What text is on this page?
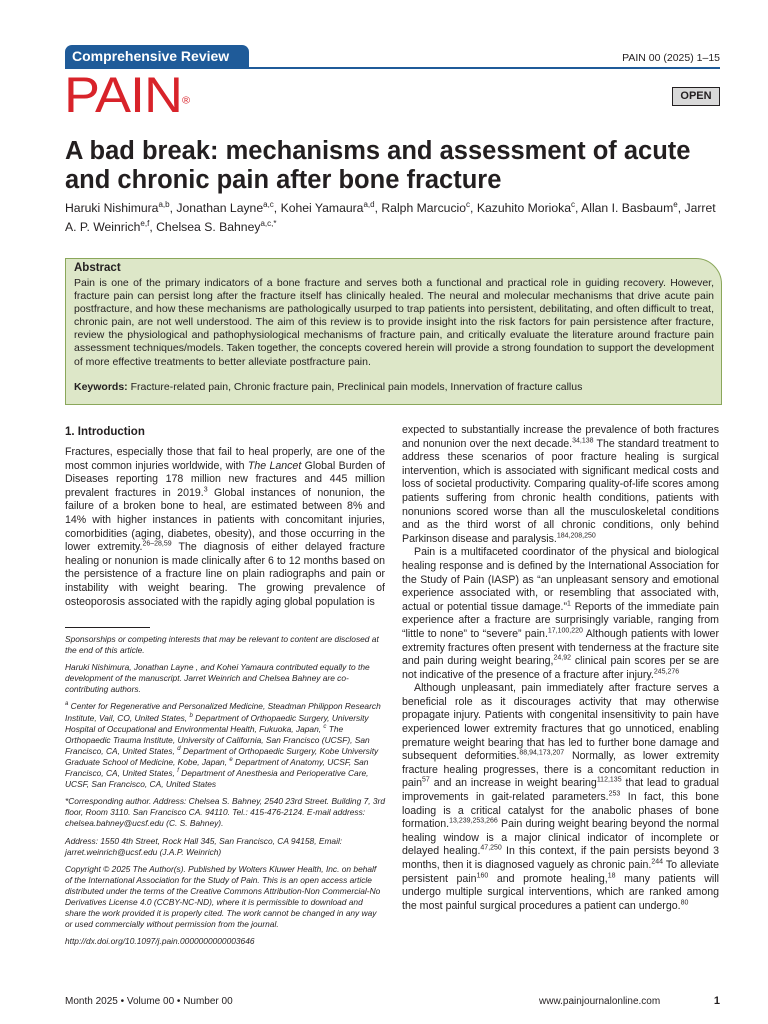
Comprehensive Review	PAIN 00 (2025) 1–15
PAIN®	OPEN
A bad break: mechanisms and assessment of acute and chronic pain after bone fracture
Haruki Nishimura$^{a,b}$, Jonathan Layne$^{a,c}$, Kohei Yamaura$^{a,d}$, Ralph Marcucio$^c$, Kazuhito Morioka$^c$, Allan I. Basbaum$^e$, Jarret A. P. Weinrich$^{e,f}$, Chelsea S. Bahney$^{a,c,*}$
Abstract
Pain is one of the primary indicators of a bone fracture and serves both a functional and practical role in guiding recovery. However, fracture pain can persist long after the fracture itself has clinically healed. The neural and molecular mechanisms that drive acute pain postfracture, and how these mechanisms are pathologically usurped to trap patients into persistent, debilitating, and often difficult to treat, chronic pain, are not well understood. The aim of this review is to provide insight into the risk factors for pain persistence after fracture, review the physiological and pathophysiological mechanisms of fracture pain, and critically evaluate the literature around fracture pain assessment techniques/models. Taken together, the concepts covered herein will provide a strong foundation to support the development of more effective treatments to better alleviate postfracture pain.
Keywords: Fracture-related pain, Chronic fracture pain, Preclinical pain models, Innervation of fracture callus
1. Introduction

Fractures, especially those that fail to heal properly, are one of the most common injuries worldwide, with The Lancet Global Burden of Diseases reporting 178 million new fractures and 445 million prevalent fractures in 2019.$^3$ Global instances of nonunion, the failure of a broken bone to heal, are estimated between 8% and 14% with higher instances in patients with concomitant injuries, comorbidities (aging, diabetes, obesity), and those occurring in the lower extremity.$^{26-28,59}$ The diagnosis of either delayed fracture healing or nonunion is made clinically after 6 to 12 months based on the persistence of a fracture line on plain radiographs and pain or instability with weight bearing. The growing prevalence of osteoporosis associated with the rapidly aging global population is

Sponsorships or competing interests that may be relevant to content are disclosed at the end of this article.

Haruki Nishimura, Jonathan Layne , and Kohei Yamaura contributed equally to the development of the manuscript. Jarret Weinrich and Chelsea Bahney are co-contributing authors.

$^a$ Center for Regenerative and Personalized Medicine, Steadman Philippon Research Institute, Vail, CO, United States, $^b$ Department of Orthopaedic Surgery, University Hospital of Occupational and Environmental Health, Fukuoka, Japan, $^c$ The Orthopaedic Trauma Institute, University of California, San Francisco (UCSF), San Francisco, CA, United States, $^d$ Department of Orthopaedic Surgery, Kobe University Graduate School of Medicine, Kobe, Japan, $^e$ Department of Anatomy, UCSF, San Francisco, CA, United States, $^f$ Department of Anesthesia and Perioperative Care, UCSF, San Francisco, CA, United States

*Corresponding author. Address: Chelsea S. Bahney, 2540 23rd Street. Building 7, 3rd floor, Room 3110. San Francisco CA. 94110. Tel.: 415-476-2124. E-mail address: chelsea.bahney@ucsf.edu (C. S. Bahney).

Address: 1550 4th Street, Rock Hall 345, San Francisco, CA 94158, Email: jarret.weinrich@ucsf.edu (J.A.P. Weinrich)

Copyright © 2025 The Author(s). Published by Wolters Kluwer Health, Inc. on behalf of the International Association for the Study of Pain. This is an open access article distributed under the terms of the Creative Commons Attribution-Non Commercial-No Derivatives License 4.0 (CCBY-NC-ND), where it is permissible to download and share the work provided it is properly cited. The work cannot be changed in any way or used commercially without permission from the journal.

http://dx.doi.org/10.1097/j.pain.0000000000003646

expected to substantially increase the prevalence of both fractures and nonunion over the next decade.$^{34,138}$ The standard treatment to address these scenarios of poor fracture healing is surgical intervention, which is associated with significant medical costs and loss of societal productivity. Comparing quality-of-life scores among patients suffering from chronic health conditions, patients with nonunions scored worse than all the musculoskeletal conditions and as the third worst of all chronic conditions, only behind Parkinson disease and paralysis.$^{184,208,250}$

Pain is a multifaceted coordinator of the physical and biological healing response and is defined by the International Association for the Study of Pain (IASP) as “an unpleasant sensory and emotional experience associated with, or resembling that associated with, actual or potential tissue damage.”$^1$ Reports of the immediate pain experience after a fracture are surprisingly variable, ranging from “little to none” to “severe” pain.$^{17,100,220}$ Although patients with lower extremity fractures often present with tenderness at the fracture site and pain during weight bearing,$^{24,92}$ clinical pain scores per se are not indicative of the presence of a fracture after injury.$^{245,276}$

Although unpleasant, pain immediately after fracture serves a beneficial role as it discourages activity that may otherwise propagate injury. Patients with congenital insensitivity to pain have experienced lower extremity fractures that go unnoticed, enabling premature weight bearing that has led to further bone damage and subsequent deformities.$^{88,94,173,207}$ Normally, as lower extremity fracture healing progresses, there is a concomitant reduction in pain$^{57}$ and an increase in weight bearing$^{112,135}$ that lead to gradual improvements in gait-related parameters.$^{253}$ In fact, this bone loading is a critical catalyst for the anabolic phases of bone formation.$^{13,239,253,266}$ Pain during weight bearing beyond the normal healing window is a major clinical indicator of incomplete or delayed healing.$^{47,250}$ In this context, if the pain persists beyond 3 months, then it is diagnosed vaguely as chronic pain.$^{244}$ To alleviate persistent pain$^{160}$ and promote healing,$^{18}$ many patients will undergo multiple surgical interventions, which are ranked among the most painful surgical procedures a patient can undergo.$^{80}$

Month 2025 • Volume 00 • Number 00	www.painjournalonline.com	1
